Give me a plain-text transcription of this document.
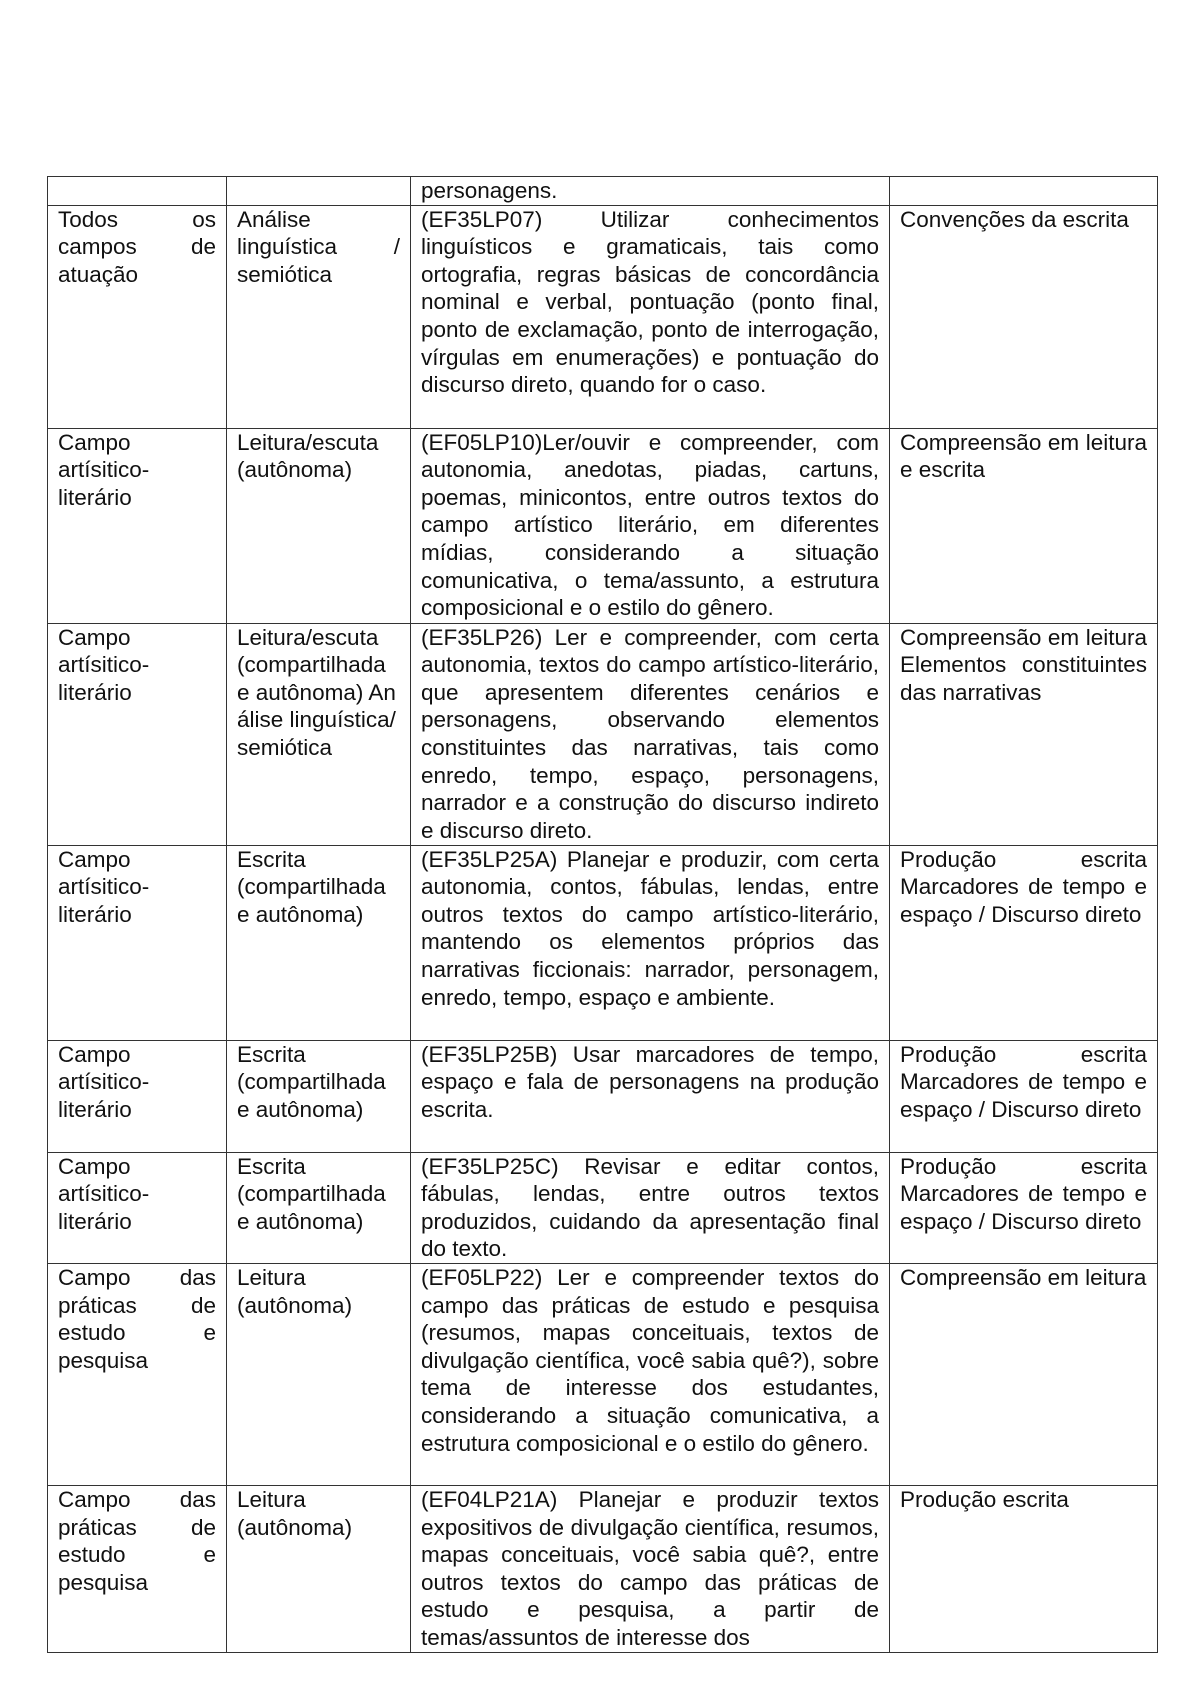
		personagens.	
Todos os campos de atuação	Análise linguística / semiótica	(EF35LP07) Utilizar conhecimentos linguísticos e gramaticais, tais como ortografia, regras básicas de concordância nominal e verbal, pontuação (ponto final, ponto de exclamação, ponto de interrogação, vírgulas em enumerações) e pontuação do discurso direto, quando for o caso.	Convenções da escrita
Campo artísitico-literário	Leitura/escuta (autônoma)	(EF05LP10)Ler/ouvir e compreender, com autonomia, anedotas, piadas, cartuns, poemas, minicontos, entre outros textos do campo artístico literário, em diferentes mídias, considerando a situação comunicativa, o tema/assunto, a estrutura composicional e o estilo do gênero.	Compreensão em leitura e escrita
Campo artísitico-literário	Leitura/escuta (compartilhada e autônoma) Análise linguística/semiótica	(EF35LP26) Ler e compreender, com certa autonomia, textos do campo artístico-literário, que apresentem diferentes cenários e personagens, observando elementos constituintes das narrativas, tais como enredo, tempo, espaço, personagens, narrador e a construção do discurso indireto e discurso direto.	Compreensão em leitura Elementos constituintes das narrativas
Campo artísitico-literário	Escrita (compartilhada e autônoma)	(EF35LP25A) Planejar e produzir, com certa autonomia, contos, fábulas, lendas, entre outros textos do campo artístico-literário, mantendo os elementos próprios das narrativas ficcionais: narrador, personagem, enredo, tempo, espaço e ambiente.	Produção escrita Marcadores de tempo e espaço / Discurso direto
Campo artísitico-literário	Escrita (compartilhada e autônoma)	(EF35LP25B) Usar marcadores de tempo, espaço e fala de personagens na produção escrita.	Produção escrita Marcadores de tempo e espaço / Discurso direto
Campo artísitico-literário	Escrita (compartilhada e autônoma)	(EF35LP25C) Revisar e editar contos, fábulas, lendas, entre outros textos produzidos, cuidando da apresentação final do texto.	Produção escrita Marcadores de tempo e espaço / Discurso direto
Campo das práticas de estudo e pesquisa	Leitura (autônoma)	(EF05LP22) Ler e compreender textos do campo das práticas de estudo e pesquisa (resumos, mapas conceituais, textos de divulgação científica, você sabia quê?), sobre tema de interesse dos estudantes, considerando a situação comunicativa, a estrutura composicional e o estilo do gênero.	Compreensão em leitura
Campo das práticas de estudo e pesquisa	Leitura (autônoma)	(EF04LP21A) Planejar e produzir textos expositivos de divulgação científica, resumos, mapas conceituais, você sabia quê?, entre outros textos do campo das práticas de estudo e pesquisa, a partir de temas/assuntos de interesse dos	Produção escrita
